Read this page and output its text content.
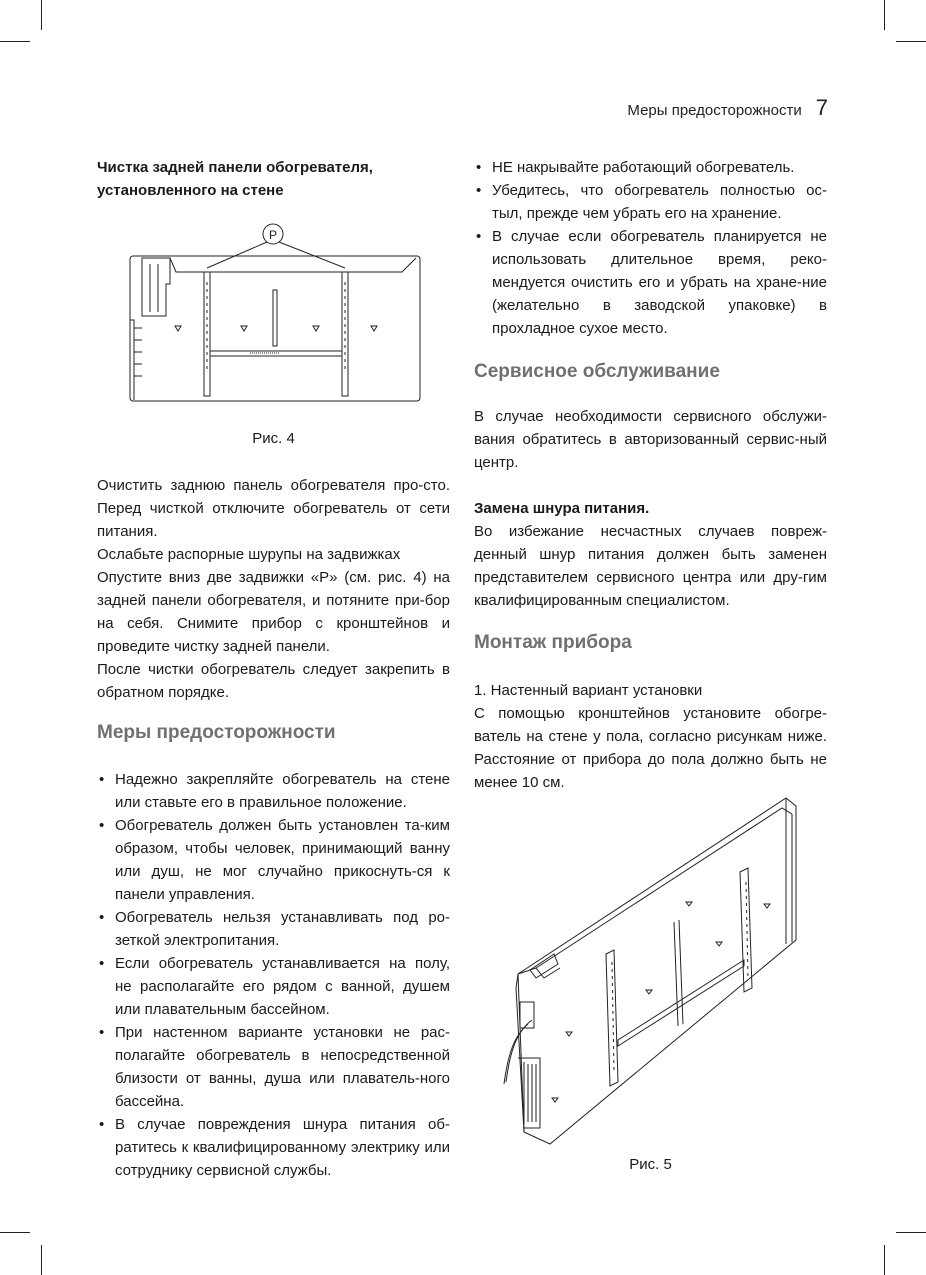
Меры предосторожности 7
Чистка задней панели обогревателя,
установленного на стене
P
Рис. 4

Очистить заднюю панель обогревателя про-сто. Перед чисткой отключите обогреватель от сети питания.

Ослабьте распорные шурупы на задвижках

Опустите вниз две задвижки «P» (см. рис. 4) на задней панели обогревателя, и потяните при-бор на себя. Снимите прибор с кронштейнов и проведите чистку задней панели.

После чистки обогреватель следует закрепить в обратном порядке.

Меры предосторожности
• Надежно закрепляйте обогреватель на стене или ставьте его в правильное положение.
• Обогреватель должен быть установлен та-ким образом, чтобы человек, принимающий ванну или душ, не мог случайно прикоснуть-ся к панели управления.
• Обогреватель нельзя устанавливать под ро-зеткой электропитания.
• Если обогреватель устанавливается на полу, не располагайте его рядом с ванной, душем или плавательным бассейном.
• При настенном варианте установки не рас-полагайте обогреватель в непосредственной близости от ванны, душа или плаватель-ного бассейна.
• В случае повреждения шнура питания об-ратитесь к квалифицированному электрику или сотруднику сервисной службы.
• НЕ накрывайте работающий обогреватель.
• Убедитесь, что обогреватель полностью ос-тыл, прежде чем убрать его на хранение.
• В случае если обогреватель планируется не использовать длительное время, реко-мендуется очистить его и убрать на хране-ние (желательно в заводской упаковке) в прохладное сухое место.
Сервисное обслуживание

В случае необходимости сервисного обслужи-вания обратитесь в авторизованный сервис-ный центр.

Замена шнура питания.

Во избежание несчастных случаев повреж-денный шнур питания должен быть заменен представителем сервисного центра или дру-гим квалифицированным специалистом.

Монтаж прибора

1. Настенный вариант установки

С помощью кронштейнов установите обогре-ватель на стене у пола, согласно рисункам ниже. Расстояние от прибора до пола должно быть не менее 10 см.

Рис. 5
